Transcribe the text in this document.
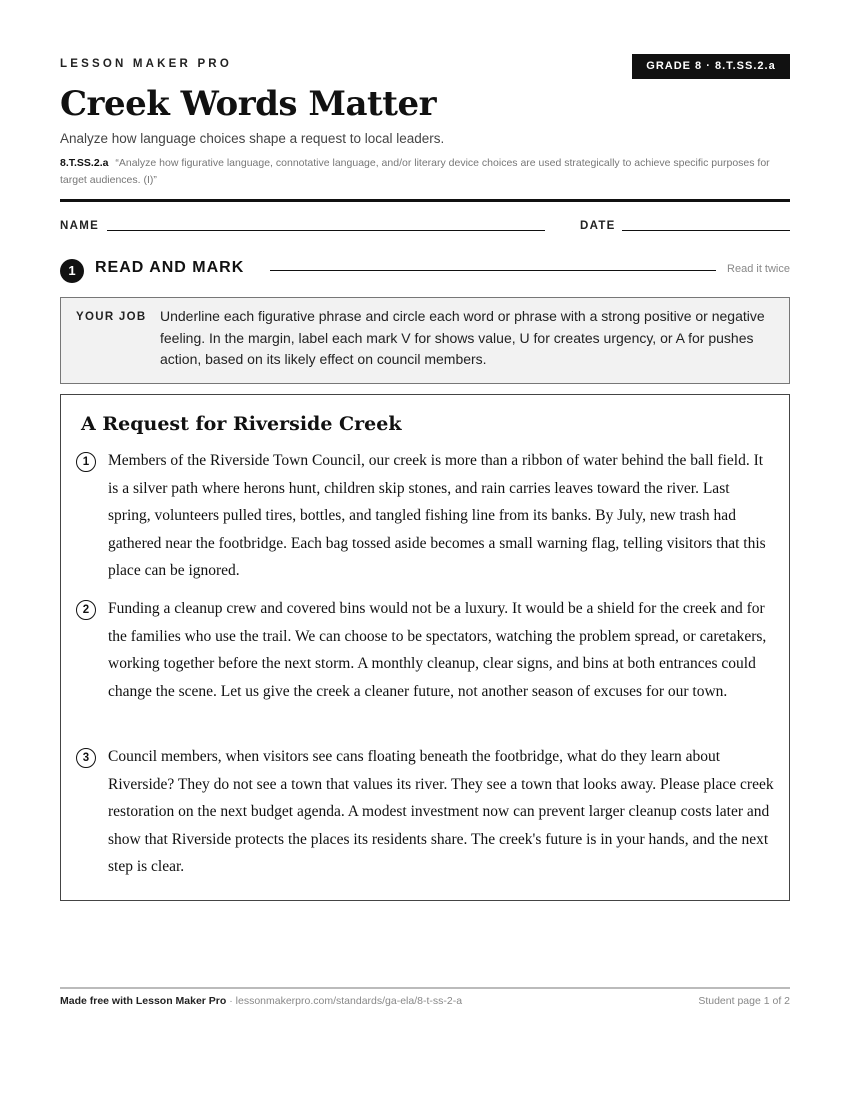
LESSON MAKER PRO	GRADE 8 · 8.T.SS.2.a
Creek Words Matter
Analyze how language choices shape a request to local leaders.
8.T.SS.2.a “Analyze how figurative language, connotative language, and/or literary device choices are used strategically to achieve specific purposes for target audiences. (I)”
NAME	DATE
1	READ AND MARK	Read it twice
YOUR JOB Underline each figurative phrase and circle each word or phrase with a strong positive or negative feeling. In the margin, label each mark V for shows value, U for creates urgency, or A for pushes action, based on its likely effect on council members.
A Request for Riverside Creek
1	Members of the Riverside Town Council, our creek is more than a ribbon of water behind the ball field. It is a silver path where herons hunt, children skip stones, and rain carries leaves toward the river. Last spring, volunteers pulled tires, bottles, and tangled fishing line from its banks. By July, new trash had gathered near the footbridge. Each bag tossed aside becomes a small warning flag, telling visitors that this place can be ignored.

2	Funding a cleanup crew and covered bins would not be a luxury. It would be a shield for the creek and for the families who use the trail. We can choose to be spectators, watching the problem spread, or caretakers, working together before the next storm. A monthly cleanup, clear signs, and bins at both entrances could change the scene. Let us give the creek a cleaner future, not another season of excuses for our town.

3	Council members, when visitors see cans floating beneath the footbridge, what do they learn about Riverside? They do not see a town that values its river. They see a town that looks away. Please place creek restoration on the next budget agenda. A modest investment now can prevent larger cleanup costs later and show that Riverside protects the places its residents share. The creek's future is in your hands, and the next step is clear.

Made free with Lesson Maker Pro · lessonmakerpro.com/standards/ga-ela/8-t-ss-2-a	Student page 1 of 2
